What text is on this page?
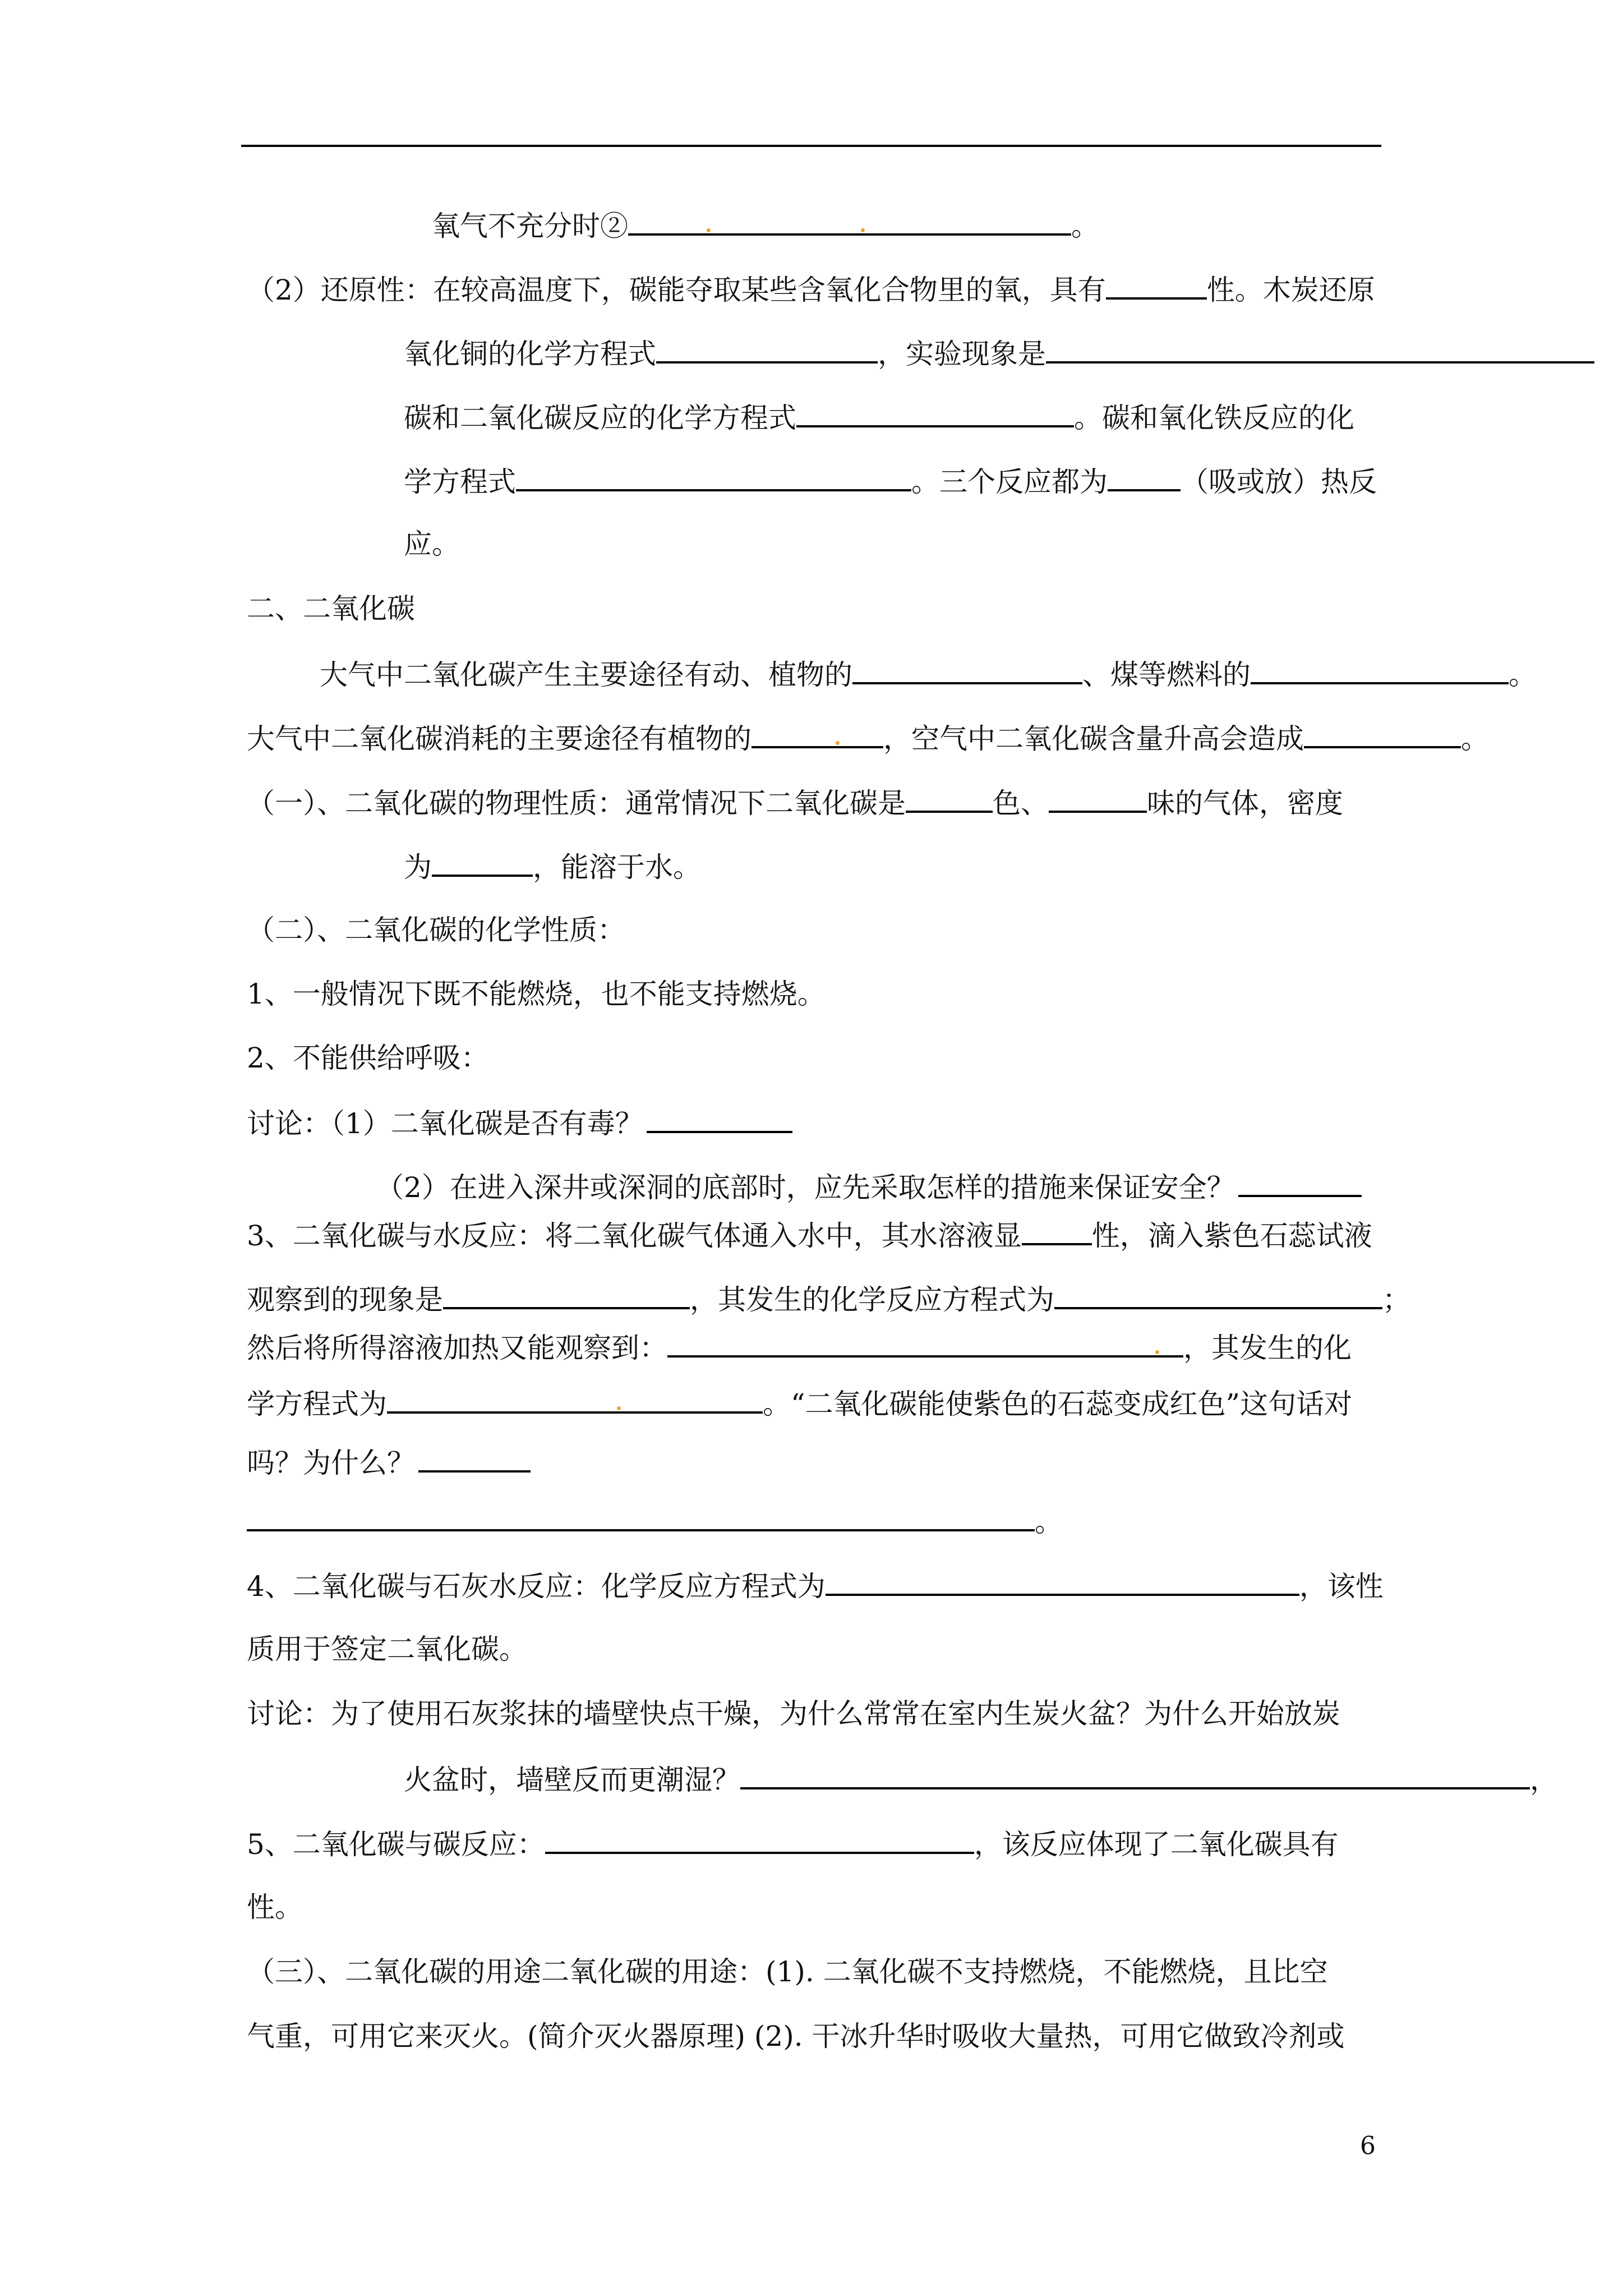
氧气不充分时②	。
（2）还原性：在较高温度下，碳能夺取某些含氧化合物里的氧，具有	性。木炭还原
氧化铜的化学方程式	，实验现象是
碳和二氧化碳反应的化学方程式	。碳和氧化铁反应的化
学方程式	。三个反应都为	（吸或放）热反
应。
二、二氧化碳
大气中二氧化碳产生主要途径有动、植物的	、煤等燃料的	。
大气中二氧化碳消耗的主要途径有植物的	，空气中二氧化碳含量升高会造成	。
（一）、二氧化碳的物理性质：通常情况下二氧化碳是	色、	味的气体，密度
为	，能溶于水。
（二）、二氧化碳的化学性质：
1、一般情况下既不能燃烧，也不能支持燃烧。
2、不能供给呼吸：
讨论：（1）二氧化碳是否有毒？
（2）在进入深井或深洞的底部时，应先采取怎样的措施来保证安全？
3、二氧化碳与水反应：将二氧化碳气体通入水中，其水溶液显	性，滴入紫色石蕊试液
观察到的现象是	，其发生的化学反应方程式为	；
然后将所得溶液加热又能观察到：	，其发生的化
学方程式为	。“二氧化碳能使紫色的石蕊变成红色”这句话对
吗？为什么？
。
4、二氧化碳与石灰水反应：化学反应方程式为	，该性
质用于签定二氧化碳。
讨论：为了使用石灰浆抹的墙壁快点干燥，为什么常常在室内生炭火盆？为什么开始放炭
火盆时，墙壁反而更潮湿？	，
5、二氧化碳与碳反应：	，该反应体现了二氧化碳具有
性。
（三）、二氧化碳的用途二氧化碳的用途：(1). 二氧化碳不支持燃烧，不能燃烧，且比空
气重，可用它来灭火。(简介灭火器原理) (2). 干冰升华时吸收大量热，可用它做致冷剂或
6
